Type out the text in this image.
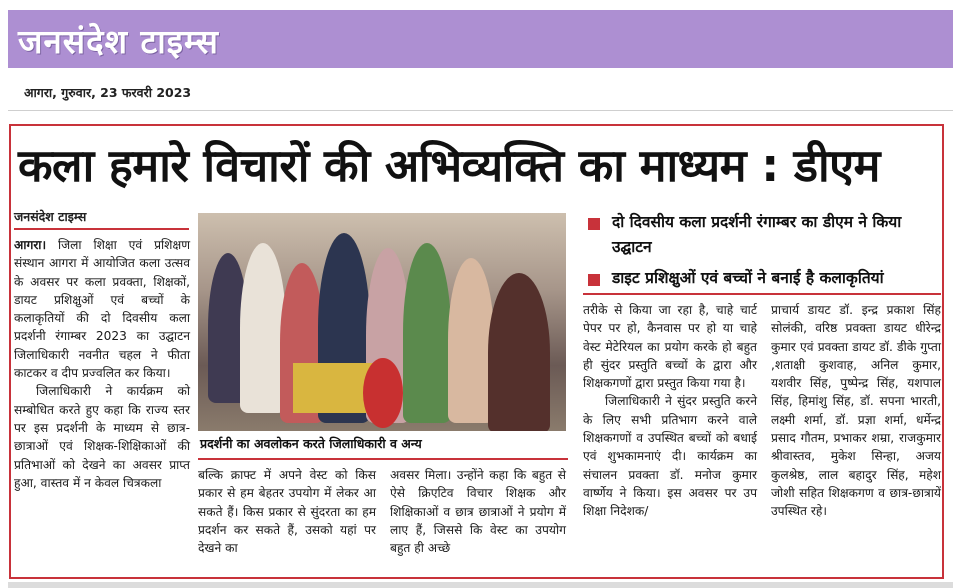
जनसंदेश टाइम्स
आगरा, गुरुवार, 23 फरवरी 2023
कला हमारे विचारों की अभिव्यक्ति का माध्यम : डीएम
जनसंदेश टाइम्स

आगरा। जिला शिक्षा एवं प्रशिक्षण संस्थान आगरा में आयोजित कला उत्सव के अवसर पर कला प्रवक्ता, शिक्षकों, डायट प्रशिक्षुओं एवं बच्चों के कलाकृतियों की दो दिवसीय कला प्रदर्शनी रंगाम्बर 2023 का उद्घाटन जिलाधिकारी नवनीत चहल ने फीता काटकर व दीप प्रज्वलित कर किया।

जिलाधिकारी ने कार्यक्रम को सम्बोधित करते हुए कहा कि राज्य स्तर पर इस प्रदर्शनी के माध्यम से छात्र-छात्राओं एवं शिक्षक-शिक्षिकाओं की प्रतिभाओं को देखने का अवसर प्राप्त हुआ, वास्तव में न केवल चित्रकला

प्रदर्शनी का अवलोकन करते जिलाधिकारी व अन्य
बल्कि क्राफ्ट में अपने वेस्ट को किस प्रकार से हम बेहतर उपयोग में लेकर आ सकते हैं। किस प्रकार से सुंदरता का हम प्रदर्शन कर सकते हैं, उसको यहां पर देखने का
अवसर मिला। उन्होंने कहा कि बहुत से ऐसे क्रिएटिव विचार शिक्षक और शिक्षिकाओं व छात्र छात्राओं ने प्रयोग में लाए हैं, जिससे कि वेस्ट का उपयोग बहुत ही अच्छे
दो दिवसीय कला प्रदर्शनी रंगाम्बर का डीएम ने किया उद्घाटन
डाइट प्रशिक्षुओं एवं बच्चों ने बनाई है कलाकृतियां

तरीके से किया जा रहा है, चाहे चार्ट पेपर पर हो, कैनवास पर हो या चाहे वेस्ट मेटेरियल का प्रयोग करके हो बहुत ही सुंदर प्रस्तुति बच्चों के द्वारा और शिक्षकगणों द्वारा प्रस्तुत किया गया है।

जिलाधिकारी ने सुंदर प्रस्तुति करने के लिए सभी प्रतिभाग करने वाले शिक्षकगणों व उपस्थित बच्चों को बधाई एवं शुभकामनाएं दी। कार्यक्रम का संचालन प्रवक्ता डॉ. मनोज कुमार वार्ष्णेय ने किया। इस अवसर पर उप शिक्षा निदेशक/

प्राचार्य डायट डॉ. इन्द्र प्रकाश सिंह सोलंकी, वरिष्ठ प्रवक्ता डायट धीरेन्द्र कुमार एवं प्रवक्ता डायट डॉ. डीके गुप्ता ,शताक्षी कुशवाह, अनिल कुमार, यशवीर सिंह, पुष्पेन्द्र सिंह, यशपाल सिंह, हिमांशु सिंह, डॉ. सपना भारती, लक्ष्मी शर्मा, डॉ. प्रज्ञा शर्मा, धर्मेन्द्र प्रसाद गौतम, प्रभाकर शम्रा, राजकुमार श्रीवास्तव, मुकेश सिन्हा, अजय कुलश्रेष्ठ, लाल बहादुर सिंह, महेश जोशी सहित शिक्षकगण व छात्र-छात्रायें उपस्थित रहे।
